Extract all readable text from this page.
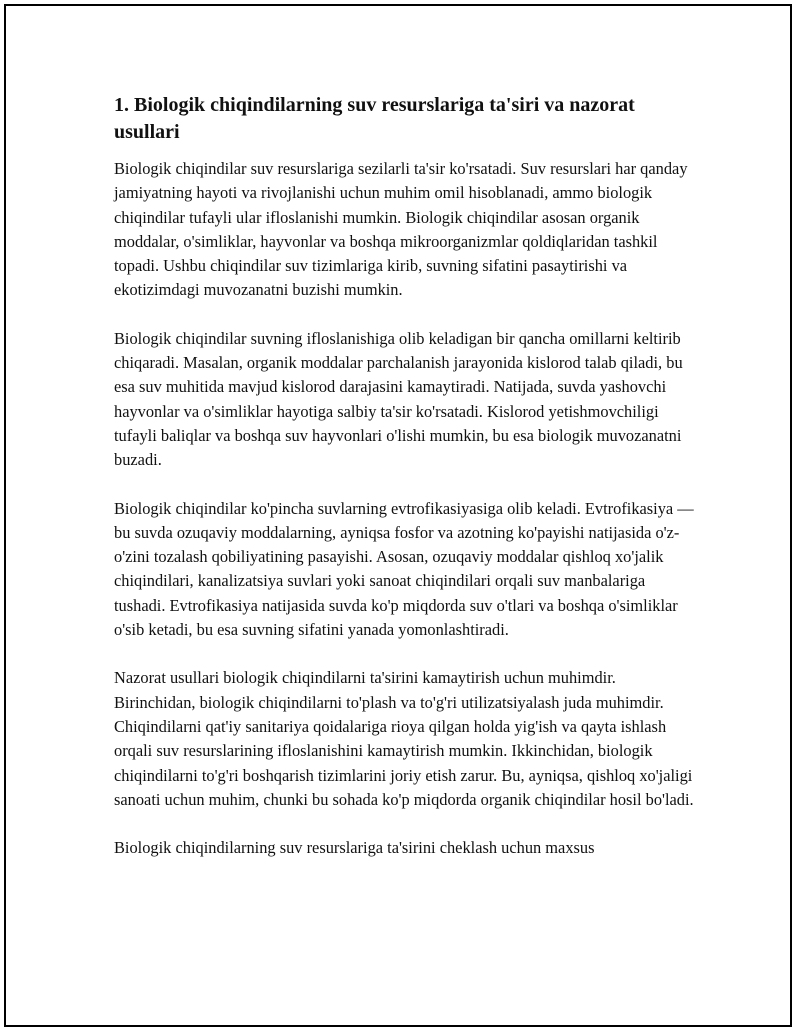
1. Biologik chiqindilarning suv resurslariga ta'siri va nazorat usullari

Biologik chiqindilar suv resurslariga sezilarli ta'sir ko'rsatadi. Suv resurslari har qanday jamiyatning hayoti va rivojlanishi uchun muhim omil hisoblanadi, ammo biologik chiqindilar tufayli ular ifloslanishi mumkin. Biologik chiqindilar asosan organik moddalar, o'simliklar, hayvonlar va boshqa mikroorganizmlar qoldiqlaridan tashkil topadi. Ushbu chiqindilar suv tizimlariga kirib, suvning sifatini pasaytirishi va ekotizimdagi muvozanatni buzishi mumkin.

Biologik chiqindilar suvning ifloslanishiga olib keladigan bir qancha omillarni keltirib chiqaradi. Masalan, organik moddalar parchalanish jarayonida kislorod talab qiladi, bu esa suv muhitida mavjud kislorod darajasini kamaytiradi. Natijada, suvda yashovchi hayvonlar va o'simliklar hayotiga salbiy ta'sir ko'rsatadi. Kislorod yetishmovchiligi tufayli baliqlar va boshqa suv hayvonlari o'lishi mumkin, bu esa biologik muvozanatni buzadi.

Biologik chiqindilar ko'pincha suvlarning evtrofikasiyasiga olib keladi. Evtrofikasiya — bu suvda ozuqaviy moddalarning, ayniqsa fosfor va azotning ko'payishi natijasida o'z-o'zini tozalash qobiliyatining pasayishi. Asosan, ozuqaviy moddalar qishloq xo'jalik chiqindilari, kanalizatsiya suvlari yoki sanoat chiqindilari orqali suv manbalariga tushadi. Evtrofikasiya natijasida suvda ko'p miqdorda suv o'tlari va boshqa o'simliklar o'sib ketadi, bu esa suvning sifatini yanada yomonlashtiradi.

Nazorat usullari biologik chiqindilarni ta'sirini kamaytirish uchun muhimdir. Birinchidan, biologik chiqindilarni to'plash va to'g'ri utilizatsiyalash juda muhimdir. Chiqindilarni qat'iy sanitariya qoidalariga rioya qilgan holda yig'ish va qayta ishlash orqali suv resurslarining ifloslanishini kamaytirish mumkin. Ikkinchidan, biologik chiqindilarni to'g'ri boshqarish tizimlarini joriy etish zarur. Bu, ayniqsa, qishloq xo'jaligi sanoati uchun muhim, chunki bu sohada ko'p miqdorda organik chiqindilar hosil bo'ladi.

Biologik chiqindilarning suv resurslariga ta'sirini cheklash uchun maxsus
